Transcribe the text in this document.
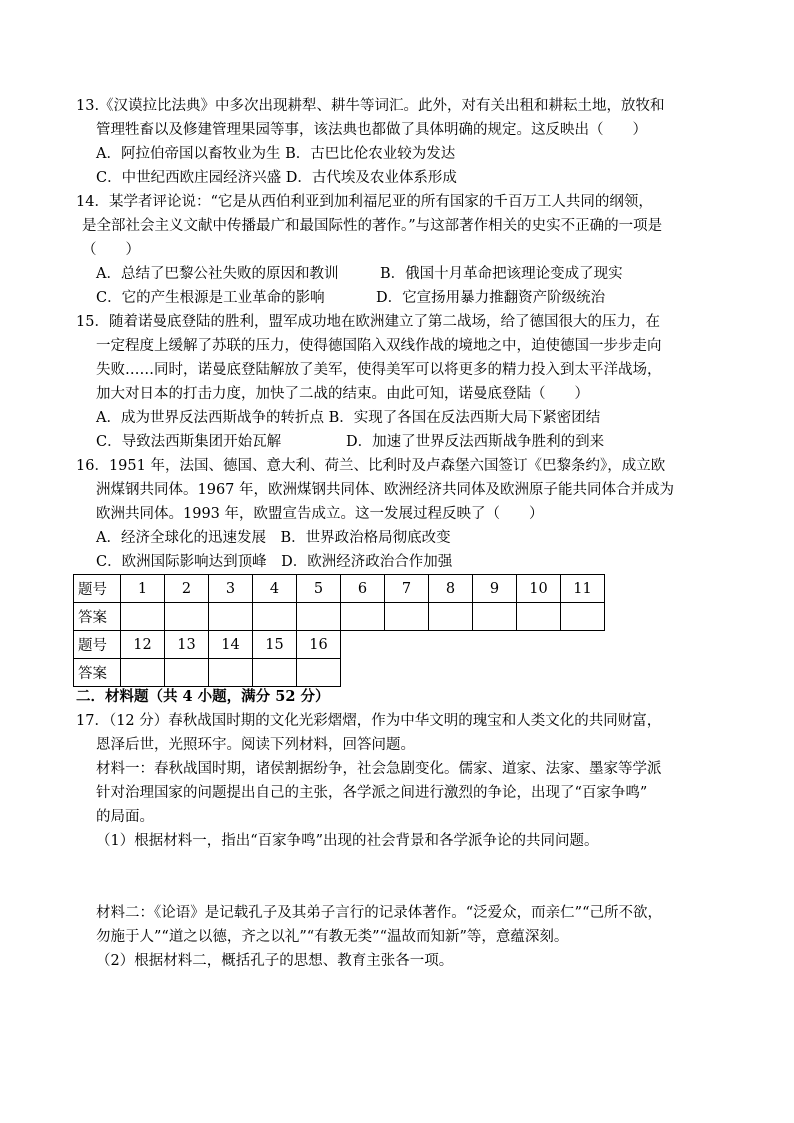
13.《汉谟拉比法典》中多次出现耕犁、耕牛等词汇。此外，对有关出租和耕耘土地，放牧和
管理牲畜以及修建管理果园等事，该法典也都做了具体明确的规定。这反映出（　　）
A．阿拉伯帝国以畜牧业为生 B．古巴比伦农业较为发达
C．中世纪西欧庄园经济兴盛 D．古代埃及农业体系形成
14．某学者评论说：“它是从西伯利亚到加利福尼亚的所有国家的千百万工人共同的纲领，
是全部社会主义文献中传播最广和最国际性的著作。”与这部著作相关的史实不正确的一项是
（　　）
A．总结了巴黎公社失败的原因和教训	B．俄国十月革命把该理论变成了现实
C．它的产生根源是工业革命的影响	D．它宣扬用暴力推翻资产阶级统治
15．随着诺曼底登陆的胜利，盟军成功地在欧洲建立了第二战场，给了德国很大的压力，在
一定程度上缓解了苏联的压力，使得德国陷入双线作战的境地之中，迫使德国一步步走向
失败……同时，诺曼底登陆解放了美军，使得美军可以将更多的精力投入到太平洋战场，
加大对日本的打击力度，加快了二战的结束。由此可知，诺曼底登陆（　　）
A．成为世界反法西斯战争的转折点 B．实现了各国在反法西斯大局下紧密团结
C．导致法西斯集团开始瓦解	D．加速了世界反法西斯战争胜利的到来
16．1951 年，法国、德国、意大利、荷兰、比利时及卢森堡六国签订《巴黎条约》，成立欧
洲煤钢共同体。1967 年，欧洲煤钢共同体、欧洲经济共同体及欧洲原子能共同体合并成为
欧洲共同体。1993 年，欧盟宣告成立。这一发展过程反映了（　　）
A．经济全球化的迅速发展　B．世界政治格局彻底改变
C．欧洲国际影响达到顶峰　D．欧洲经济政治合作加强
题号	1	2	3	4	5	6	7	8	9	10	11
答案											
题号	12	13	14	15	16
答案					
二．材料题（共 4 小题，满分 52 分）
17．（12 分）春秋战国时期的文化光彩熠熠，作为中华文明的瑰宝和人类文化的共同财富，
恩泽后世，光照环宇。阅读下列材料，回答问题。
材料一：春秋战国时期，诸侯割据纷争，社会急剧变化。儒家、道家、法家、墨家等学派
针对治理国家的问题提出自己的主张，各学派之间进行激烈的争论，出现了“百家争鸣”
的局面。
（1）根据材料一，指出“百家争鸣”出现的社会背景和各学派争论的共同问题。
材料二：《论语》是记载孔子及其弟子言行的记录体著作。“泛爱众，而亲仁”“己所不欲，
勿施于人”“道之以德，齐之以礼”“有教无类”“温故而知新”等，意蕴深刻。
（2）根据材料二，概括孔子的思想、教育主张各一项。
